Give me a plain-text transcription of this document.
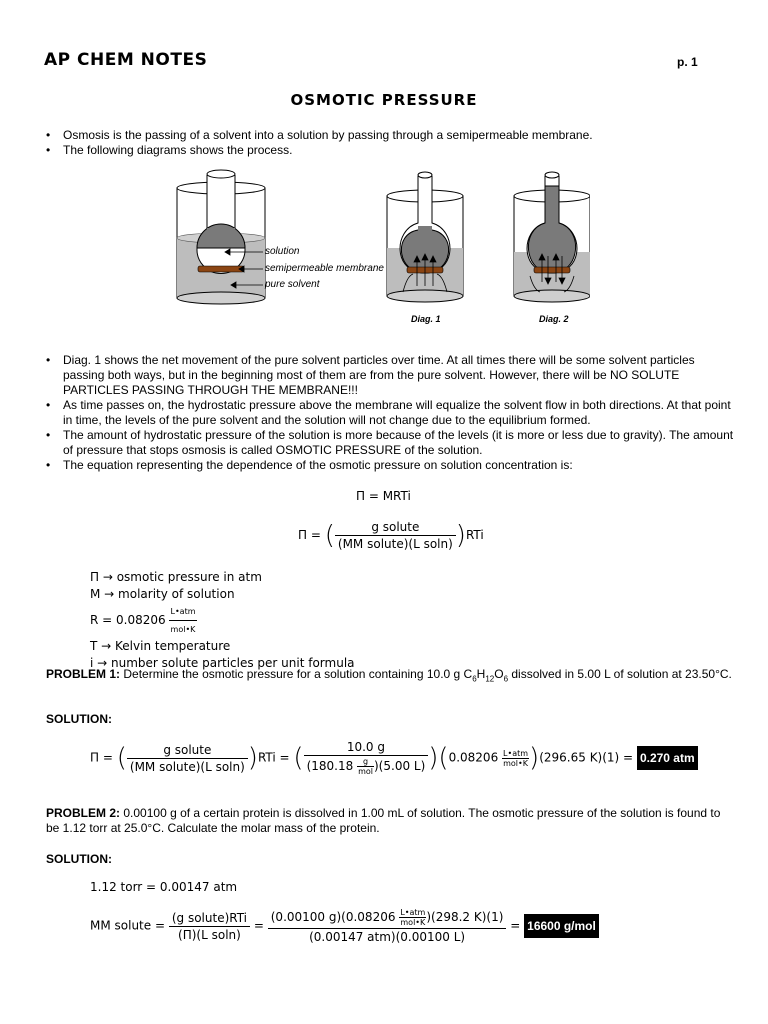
AP CHEM NOTES	p. 1
OSMOTIC PRESSURE
• Osmosis is the passing of a solvent into a solution by passing through a semipermeable membrane.
• The following diagrams shows the process.
solution
semipermeable membrane
pure solvent
Diag. 1	Diag. 2
• Diag. 1 shows the net movement of the pure solvent particles over time. At all times there will be some solvent particles passing both ways, but in the beginning most of them are from the pure solvent. However, there will be NO SOLUTE PARTICLES PASSING THROUGH THE MEMBRANE!!!
• As time passes on, the hydrostatic pressure above the membrane will equalize the solvent flow in both directions. At that point in time, the levels of the pure solvent and the solution will not change due to the equilibrium formed.
• The amount of hydrostatic pressure of the solution is more because of the levels (it is more or less due to gravity). The amount of pressure that stops osmosis is called OSMOTIC PRESSURE of the solution.
• The equation representing the dependence of the osmotic pressure on solution concentration is:
Π = MRTi
Π = ( $\frac{\text{g solute}}{\text{(MM solute)(L soln)}} )RTi$
Π → osmotic pressure in atm
M → molarity of solution
$R = 0.08206 \frac{\text{L•atm}}{\text{mol•K}}$
T → Kelvin temperature
i → number solute particles per unit formula
PROBLEM 1: Determine the osmotic pressure for a solution containing 10.0 g $C_6H_{12}O_6$ dissolved in 5.00 L of solution at 23.50°C.
SOLUTION:
Π = ( $\frac{\text{g solute}}{\text{(MM solute)(L soln)}} )RTi$ = ( $\frac{10.0 g}{(180.18 \frac{g}{\text{mol}} )(5.00 L)} )(0.08206 \frac{\text{L•atm}}{\text{mol•K}} )(296.65$ K)(1) = 0.270 atm
PROBLEM 2: 0.00100 g of a certain protein is dissolved in 1.00 mL of solution. The osmotic pressure of the solution is found to be 1.12 torr at 25.0°C. Calculate the molar mass of the protein.
SOLUTION:
1.12 torr = 0.00147 atm
MM solute = $\frac{\text{(g solute)RTi}}{\text{(Π)(L soln)}} = \frac{(0.00100 g)(0.08206 \frac{\text{L•atm}}{\text{mol•K}} )(298.2 K)(1)}{\text{(0.00147 atm)(0.00100 L)}} = 16600$ g/mol
